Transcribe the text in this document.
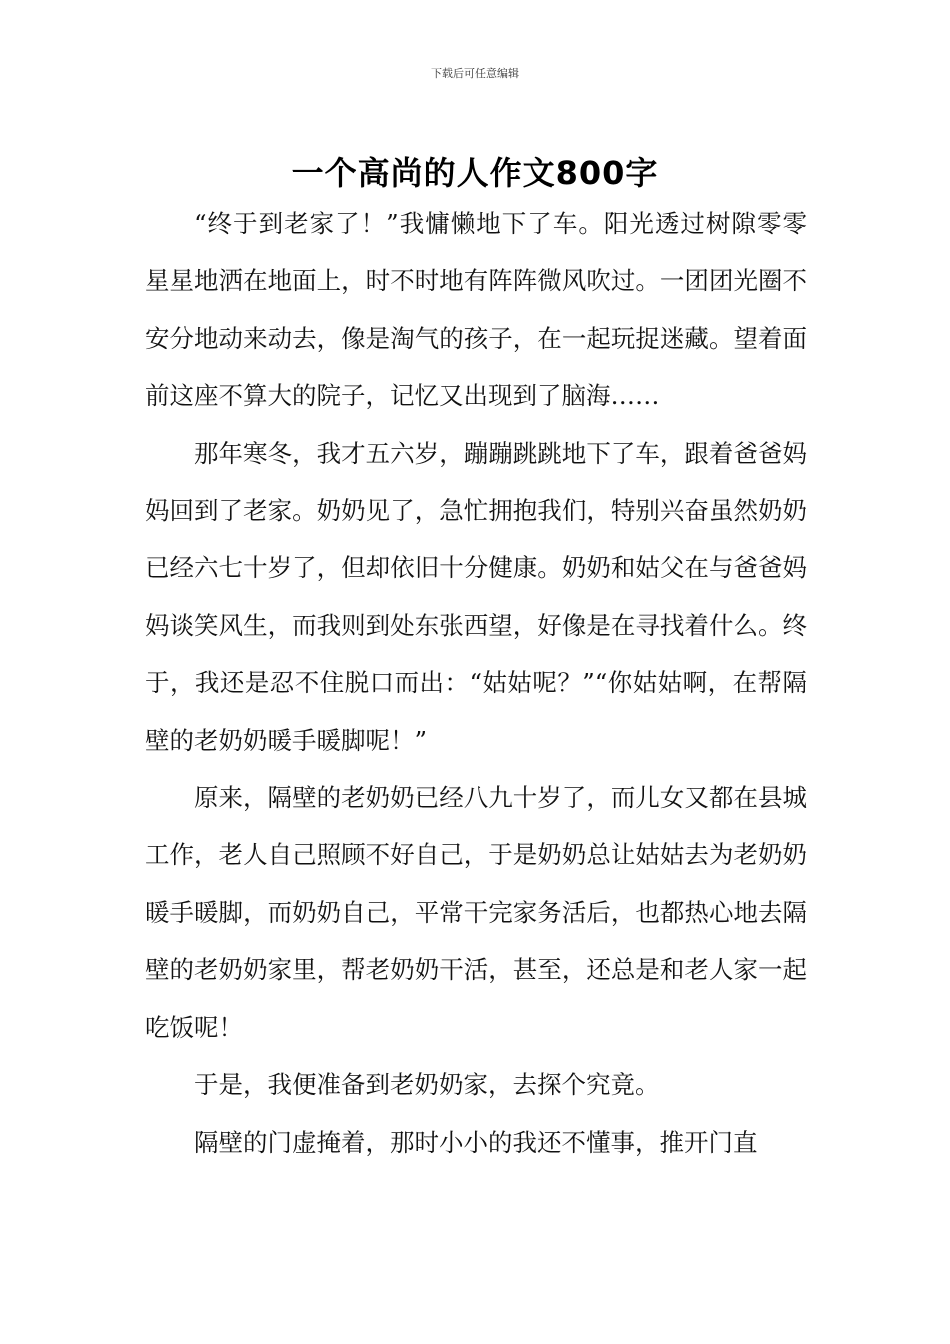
下载后可任意编辑
一个高尚的人作文800字

“终于到老家了！”我慵懒地下了车。阳光透过树隙零零星星地洒在地面上，时不时地有阵阵微风吹过。一团团光圈不安分地动来动去，像是淘气的孩子，在一起玩捉迷藏。望着面前这座不算大的院子，记忆又出现到了脑海……

那年寒冬，我才五六岁，蹦蹦跳跳地下了车，跟着爸爸妈妈回到了老家。奶奶见了，急忙拥抱我们，特别兴奋虽然奶奶已经六七十岁了，但却依旧十分健康。奶奶和姑父在与爸爸妈妈谈笑风生，而我则到处东张西望，好像是在寻找着什么。终于，我还是忍不住脱口而出：“姑姑呢？”“你姑姑啊，在帮隔壁的老奶奶暖手暖脚呢！”

原来，隔壁的老奶奶已经八九十岁了，而儿女又都在县城工作，老人自己照顾不好自己，于是奶奶总让姑姑去为老奶奶暖手暖脚，而奶奶自己，平常干完家务活后，也都热心地去隔壁的老奶奶家里，帮老奶奶干活，甚至，还总是和老人家一起吃饭呢！

于是，我便准备到老奶奶家，去探个究竟。

隔壁的门虚掩着，那时小小的我还不懂事，推开门直
